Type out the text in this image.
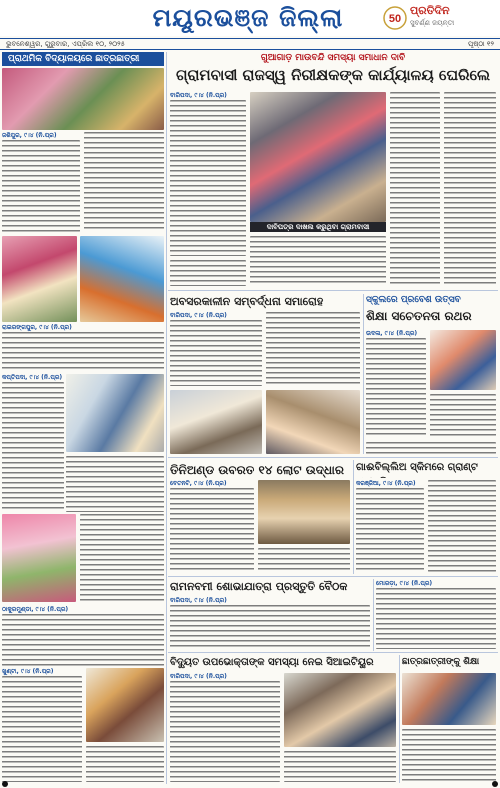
ମୟୂରଭଞ୍ଜ ଜିଲ୍ଲା	50
ପ୍ରତିଦିନ
ସୁବର୍ଣ୍ଣ ଜୟନ୍ତୀ
ଭୁବନେଶ୍ୱର, ଗୁରୁବାର, ଏପ୍ରିଲ ୧୦, ୨୦୨୫	ପୃଷ୍ଠା ୧୨
ପ୍ରାଥମିକ ବିଦ୍ୟାଳୟରେ ଛାତ୍ରଛାତ୍ରୀ
ଜଶିପୁର, ୯।୪ (ନି.ପ୍ର)
ରାଇରଙ୍ଗପୁର, ୯।୪ (ନି.ପ୍ର)
କପ୍ତିପଦା, ୯।୪ (ନି.ପ୍ର)
ଠାକୁରମୁଣ୍ଡା, ୯।୪ (ନି.ପ୍ର)
ଖୁଣ୍ଟା, ୯।୪ (ନି.ପ୍ର)
ଗୁଆଗାଡ଼ ମାଉବନ୍ଦି ସମସ୍ୟା ସମାଧାନ ଦାବି
ଗ୍ରାମବାସୀ ରାଜସ୍ୱ ନିରୀକ୍ଷକଙ୍କ କାର୍ଯ୍ୟାଳୟ ଘେରିଲେ
ବାରିପଦା, ୯।୪ (ନି.ପ୍ର)
ଦାବିପତ୍ର ଦାଖଲ କରୁଥିବା ଗ୍ରାମବାସୀ
ଅବସରକାଳୀନ ସମ୍ବର୍ଦ୍ଧନା ସମାରୋହ
ବାରିପଦା, ୯।୪ (ନି.ପ୍ର)
ସ୍କୁଲରେ ପ୍ରବେଶ ଉତ୍ସବ
ଶିକ୍ଷା ସଚେତନତା ରଥର
ଉଦଳା, ୯।୪ (ନି.ପ୍ର)
ତିନିଅଣ୍ଡ ଉବରତ ୧୪ ଲୋଟ ଉଦ୍ଧାର
ବେତନଟି, ୯।୪ (ନି.ପ୍ର)
ଗାଈବିଲ୍ଲିଅ ସ୍କିମରେ ଗ୍ରାଣ୍ଟ
କରଞ୍ଜିଆ, ୯।୪ (ନି.ପ୍ର)
ରାମନବମୀ ଶୋଭାଯାତ୍ରା ପ୍ରସ୍ତୁତି ବୈଠକ
ବାରିପଦା, ୯।୪ (ନି.ପ୍ର)
ମୋରଡ଼ା, ୯।୪ (ନି.ପ୍ର)
ବିଦ୍ୟୁତ ଉପଭୋକ୍ତାଙ୍କ ସମସ୍ୟା ନେଇ ସିଆଇଟିୟୁର
ବାରିପଦା, ୯।୪ (ନି.ପ୍ର)
ଛାତ୍ରଛାତ୍ରୀଙ୍କୁ ଶିକ୍ଷା
